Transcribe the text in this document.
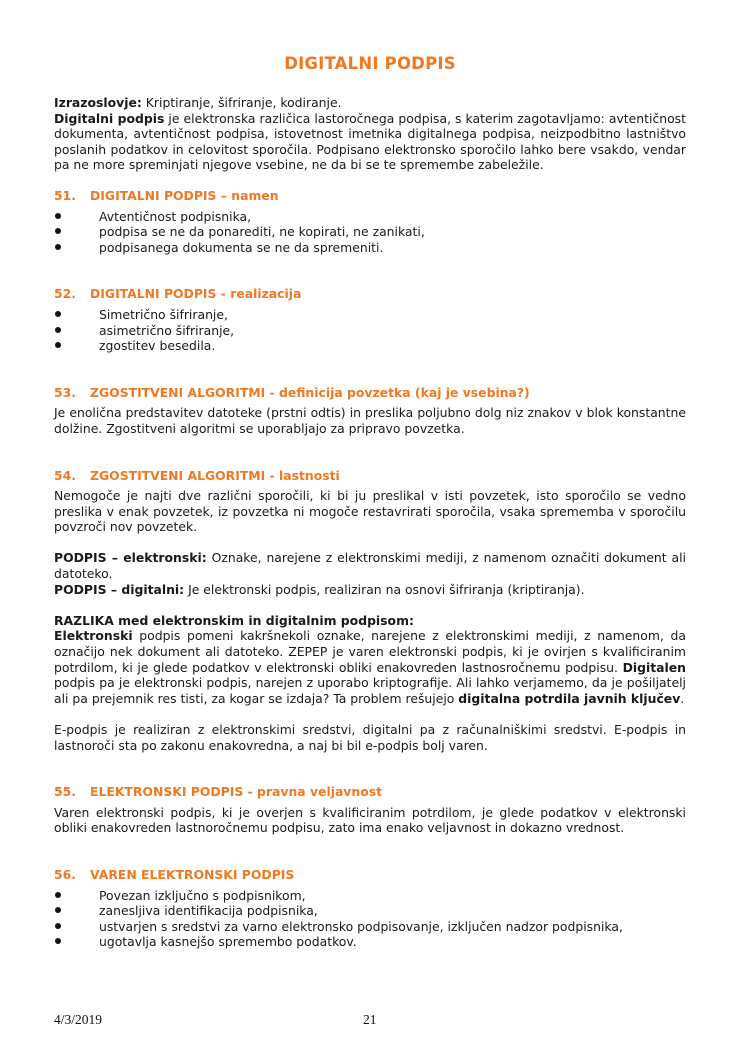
DIGITALNI PODPIS

Izrazoslovje: Kriptiranje, šifriranje, kodiranje.

Digitalni podpis je elektronska različica lastoročnega podpisa, s katerim zagotavljamo: avtentičnost dokumenta, avtentičnost podpisa, istovetnost imetnika digitalnega podpisa, neizpodbitno lastništvo poslanih podatkov in celovitost sporočila. Podpisano elektronsko sporočilo lahko bere vsakdo, vendar pa ne more spreminjati njegove vsebine, ne da bi se te spremembe zabeležile.

51. DIGITALNI PODPIS – namen
Avtentičnost podpisnika,
podpisa se ne da ponarediti, ne kopirati, ne zanikati,
podpisanega dokumenta se ne da spremeniti.
52. DIGITALNI PODPIS - realizacija
Simetrično šifriranje,
asimetrično šifriranje,
zgostitev besedila.
53. ZGOSTITVENI ALGORITMI - definicija povzetka (kaj je vsebina?)

Je enolična predstavitev datoteke (prstni odtis) in preslika poljubno dolg niz znakov v blok konstantne dolžine. Zgostitveni algoritmi se uporabljajo za pripravo povzetka.

54. ZGOSTITVENI ALGORITMI - lastnosti

Nemogoče je najti dve različni sporočili, ki bi ju preslikal v isti povzetek, isto sporočilo se vedno preslika v enak povzetek, iz povzetka ni mogoče restavrirati sporočila, vsaka sprememba v sporočilu povzroči nov povzetek.

PODPIS – elektronski: Oznake, narejene z elektronskimi mediji, z namenom označiti dokument ali datoteko.

PODPIS – digitalni: Je elektronski podpis, realiziran na osnovi šifriranja (kriptiranja).

RAZLIKA med elektronskim in digitalnim podpisom:

Elektronski podpis pomeni kakršnekoli oznake, narejene z elektronskimi mediji, z namenom, da označijo nek dokument ali datoteko. ZEPEP je varen elektronski podpis, ki je ovirjen s kvalificiranim potrdilom, ki je glede podatkov v elektronski obliki enakovreden lastnosročnemu podpisu. Digitalen podpis pa je elektronski podpis, narejen z uporabo kriptografije. Ali lahko verjamemo, da je pošiljatelj ali pa prejemnik res tisti, za kogar se izdaja? Ta problem rešujejo digitalna potrdila javnih ključev.

E-podpis je realiziran z elektronskimi sredstvi, digitalni pa z računalniškimi sredstvi. E-podpis in lastnoroči sta po zakonu enakovredna, a naj bi bil e-podpis bolj varen.

55. ELEKTRONSKI PODPIS - pravna veljavnost

Varen elektronski podpis, ki je overjen s kvalificiranim potrdilom, je glede podatkov v elektronski obliki enakovreden lastnoročnemu podpisu, zato ima enako veljavnost in dokazno vrednost.

56. VAREN ELEKTRONSKI PODPIS
Povezan izključno s podpisnikom,
zanesljiva identifikacija podpisnika,
ustvarjen s sredstvi za varno elektronsko podpisovanje, izključen nadzor podpisnika,
ugotavlja kasnejšo spremembo podatkov.
4/3/2019	21
